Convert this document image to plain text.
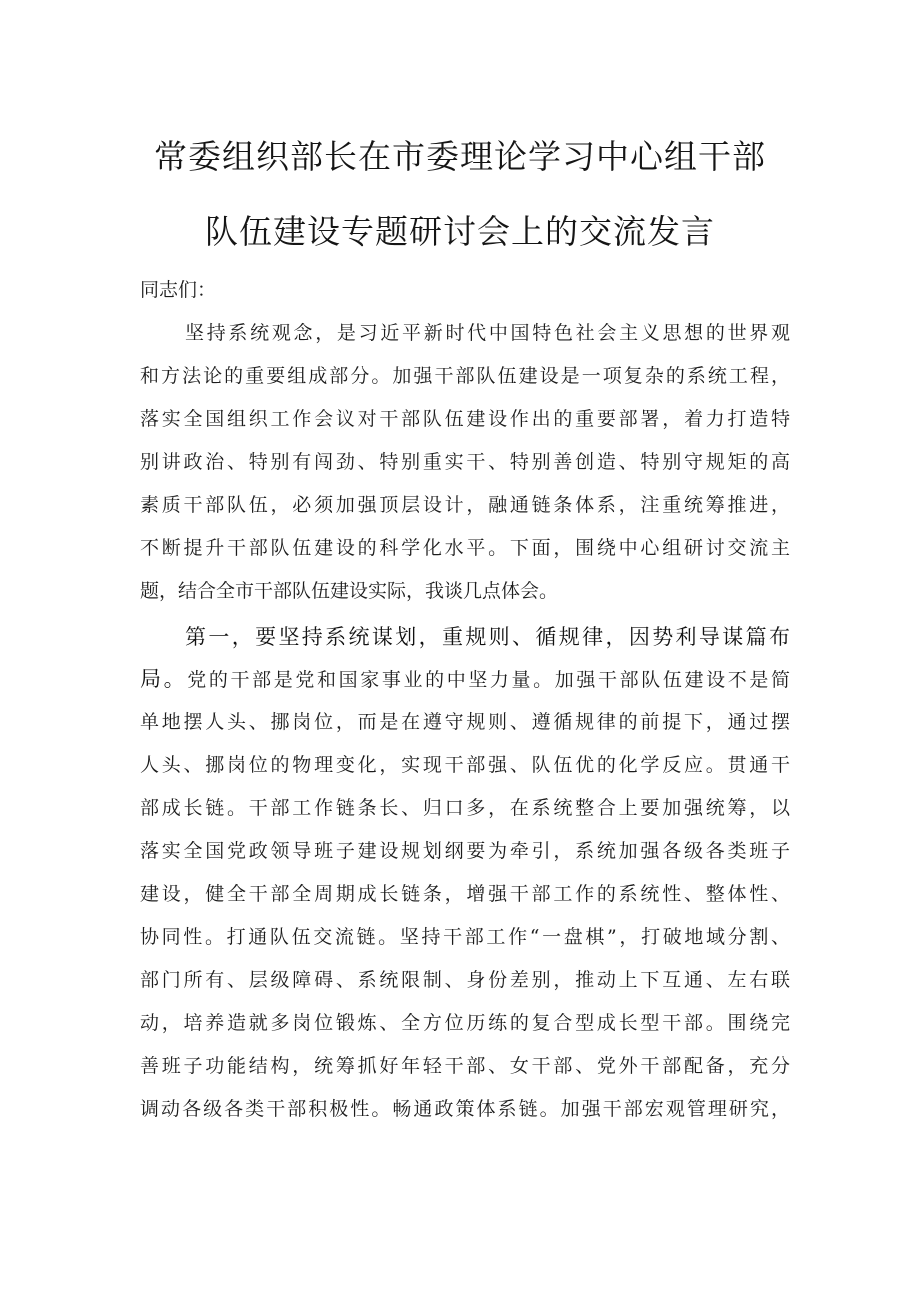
常委组织部长在市委理论学习中心组干部
队伍建设专题研讨会上的交流发言
同志们：
坚持系统观念，是习近平新时代中国特色社会主义思想的世界观
和方法论的重要组成部分。加强干部队伍建设是一项复杂的系统工程，
落实全国组织工作会议对干部队伍建设作出的重要部署，着力打造特
别讲政治、特别有闯劲、特别重实干、特别善创造、特别守规矩的高
素质干部队伍，必须加强顶层设计，融通链条体系，注重统筹推进，
不断提升干部队伍建设的科学化水平。下面，围绕中心组研讨交流主
题，结合全市干部队伍建设实际，我谈几点体会。
第一，要坚持系统谋划，重规则、循规律，因势利导谋篇布
局。党的干部是党和国家事业的中坚力量。加强干部队伍建设不是简
单地摆人头、挪岗位，而是在遵守规则、遵循规律的前提下，通过摆
人头、挪岗位的物理变化，实现干部强、队伍优的化学反应。贯通干
部成长链。干部工作链条长、归口多，在系统整合上要加强统筹，以
落实全国党政领导班子建设规划纲要为牵引，系统加强各级各类班子
建设，健全干部全周期成长链条，增强干部工作的系统性、整体性、
协同性。打通队伍交流链。坚持干部工作“一盘棋”，打破地域分割、
部门所有、层级障碍、系统限制、身份差别，推动上下互通、左右联
动，培养造就多岗位锻炼、全方位历练的复合型成长型干部。围绕完
善班子功能结构，统筹抓好年轻干部、女干部、党外干部配备，充分
调动各级各类干部积极性。畅通政策体系链。加强干部宏观管理研究，
